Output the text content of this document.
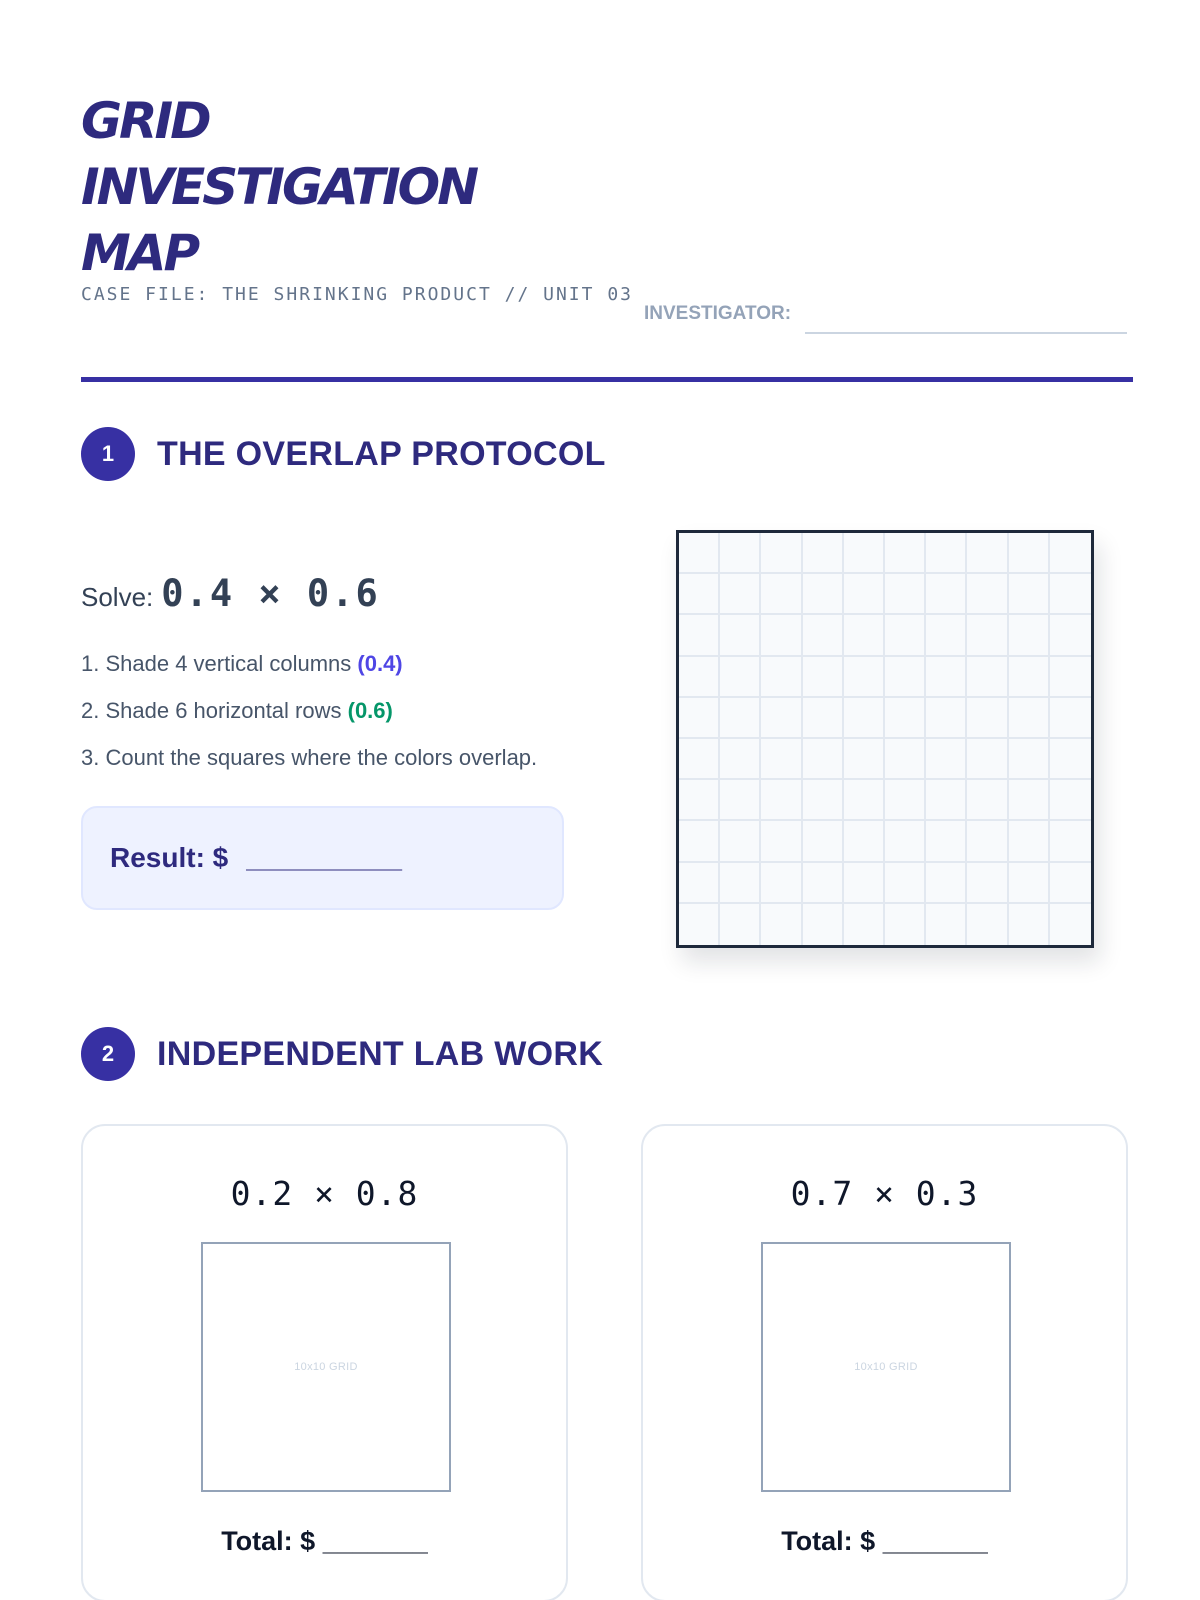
GRID INVESTIGATION MAP
CASE FILE: THE SHRINKING PRODUCT // UNIT 03
INVESTIGATOR:
1	THE OVERLAP PROTOCOL
Solve: 0.4 × 0.6
1. Shade 4 vertical columns (0.4)
2. Shade 6 horizontal rows (0.6)
3. Count the squares where the colors overlap.
Result: $ __________
2	INDEPENDENT LAB WORK
0.2 × 0.8
10x10 GRID
Total: $ _______
0.7 × 0.3
10x10 GRID
Total: $ _______
